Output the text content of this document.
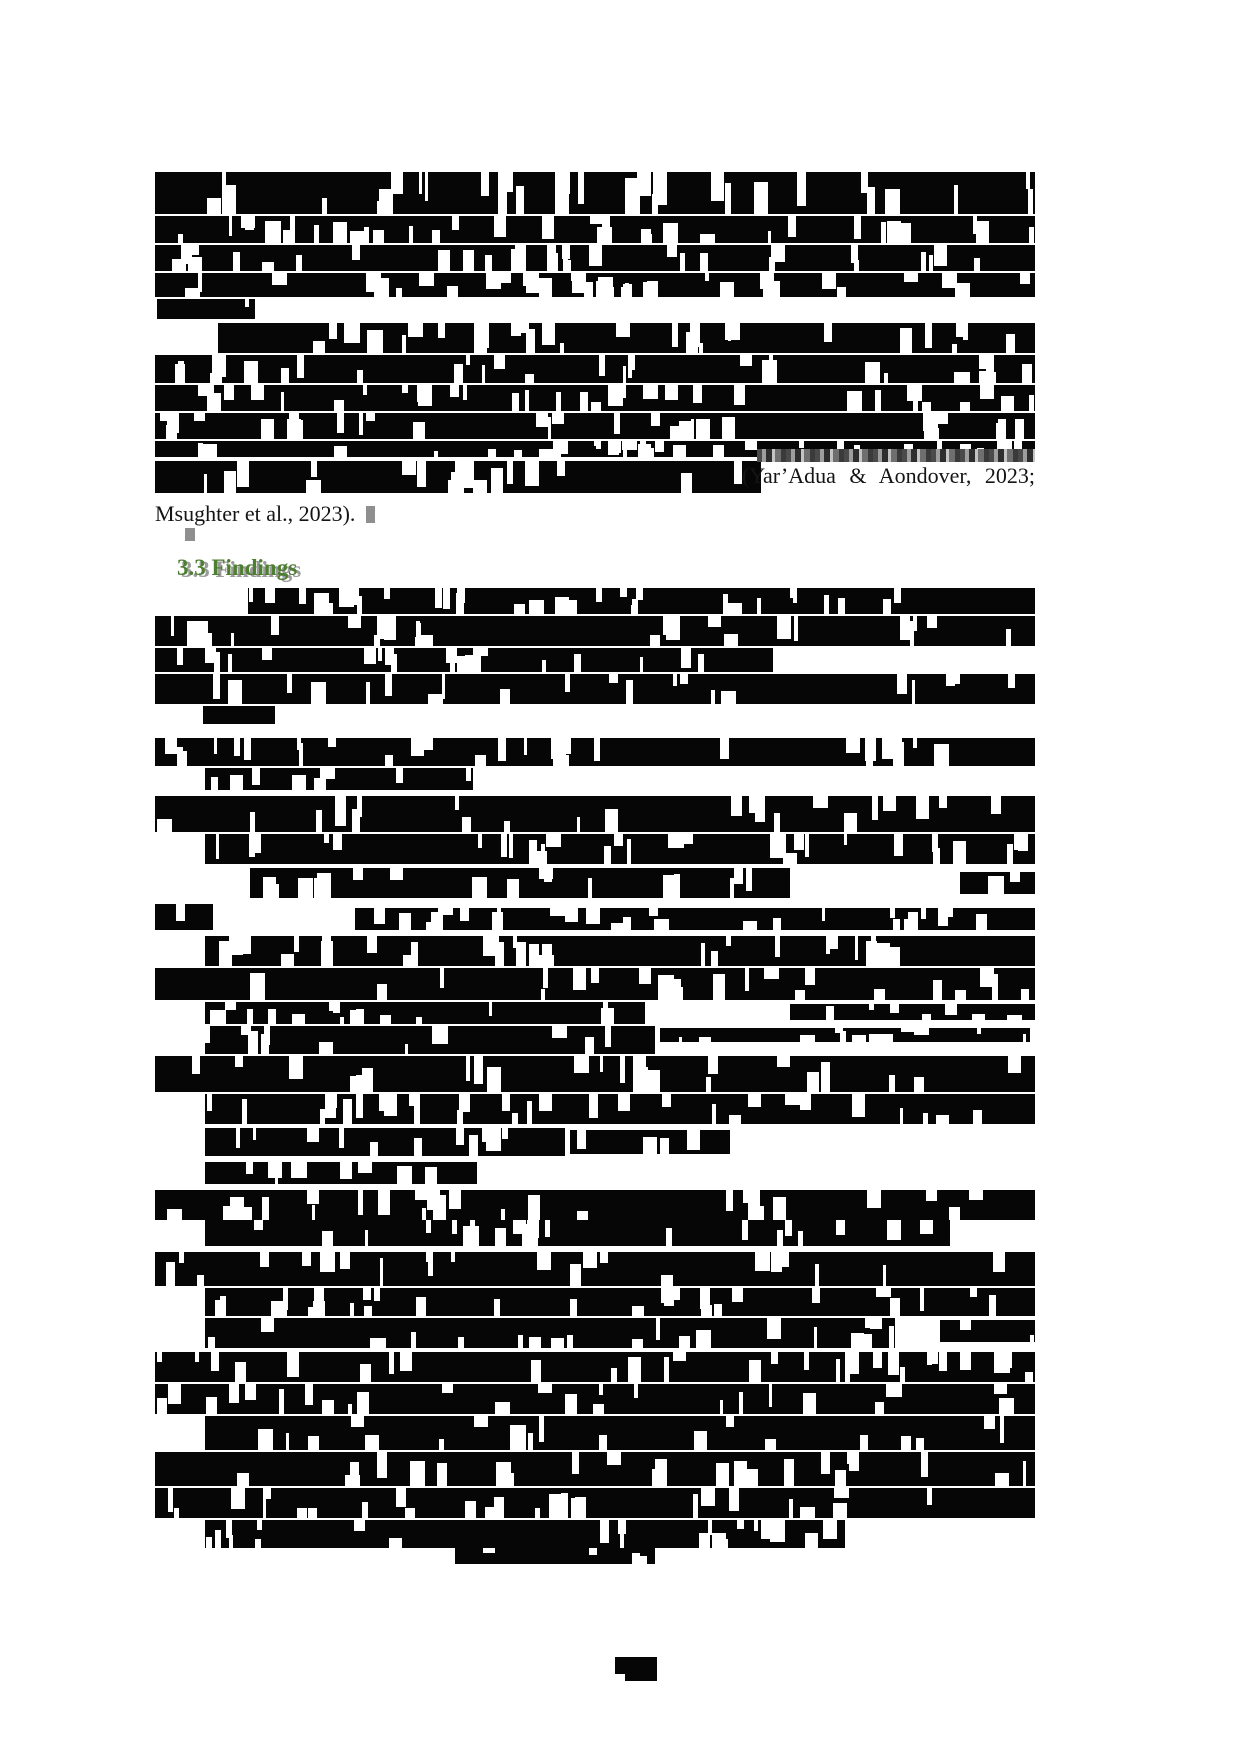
(Yar’Adua & Aondover, 2023;
Msughter et al., 2023).
3.3 Findings
